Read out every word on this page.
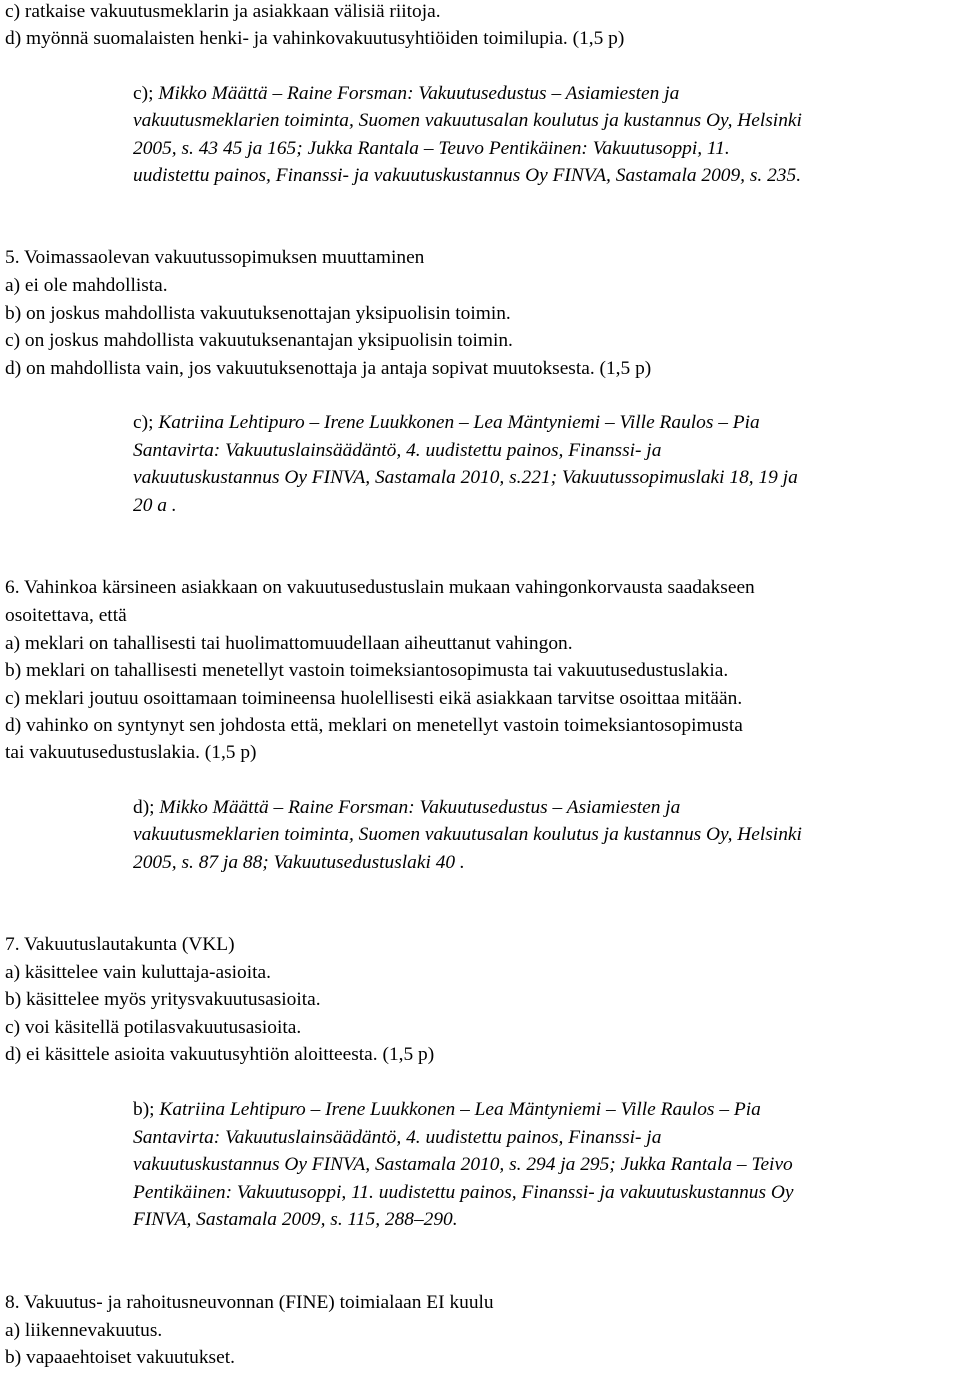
c) ratkaise vakuutusmeklarin ja asiakkaan välisiä riitoja.
d) myönnä suomalaisten henki- ja vahinkovakuutusyhtiöiden toimilupia. (1,5 p)
c); Mikko Määttä – Raine Forsman: Vakuutusedustus – Asiamiesten ja
vakuutusmeklarien toiminta, Suomen vakuutusalan koulutus ja kustannus Oy, Helsinki
2005, s. 43 45 ja 165; Jukka Rantala – Teuvo Pentikäinen: Vakuutusoppi, 11.
uudistettu painos, Finanssi- ja vakuutuskustannus Oy FINVA, Sastamala 2009, s. 235.
5. Voimassaolevan vakuutussopimuksen muuttaminen
a) ei ole mahdollista.
b) on joskus mahdollista vakuutuksenottajan yksipuolisin toimin.
c) on joskus mahdollista vakuutuksenantajan yksipuolisin toimin.
d) on mahdollista vain, jos vakuutuksenottaja ja antaja sopivat muutoksesta. (1,5 p)
c); Katriina Lehtipuro – Irene Luukkonen – Lea Mäntyniemi – Ville Raulos – Pia
Santavirta: Vakuutuslainsäädäntö, 4. uudistettu painos, Finanssi- ja
vakuutuskustannus Oy FINVA, Sastamala 2010, s.221; Vakuutussopimuslaki 18, 19 ja
20 a .
6. Vahinkoa kärsineen asiakkaan on vakuutusedustuslain mukaan vahingonkorvausta saadakseen
osoitettava, että
a) meklari on tahallisesti tai huolimattomuudellaan aiheuttanut vahingon.
b) meklari on tahallisesti menetellyt vastoin toimeksiantosopimusta tai vakuutusedustuslakia.
c) meklari joutuu osoittamaan toimineensa huolellisesti eikä asiakkaan tarvitse osoittaa mitään.
d) vahinko on syntynyt sen johdosta että, meklari on menetellyt vastoin toimeksiantosopimusta
tai vakuutusedustuslakia. (1,5 p)
d); Mikko Määttä – Raine Forsman: Vakuutusedustus – Asiamiesten ja
vakuutusmeklarien toiminta, Suomen vakuutusalan koulutus ja kustannus Oy, Helsinki
2005, s. 87 ja 88; Vakuutusedustuslaki 40 .
7. Vakuutuslautakunta (VKL)
a) käsittelee vain kuluttaja-asioita.
b) käsittelee myös yritysvakuutusasioita.
c) voi käsitellä potilasvakuutusasioita.
d) ei käsittele asioita vakuutusyhtiön aloitteesta. (1,5 p)
b); Katriina Lehtipuro – Irene Luukkonen – Lea Mäntyniemi – Ville Raulos – Pia
Santavirta: Vakuutuslainsäädäntö, 4. uudistettu painos, Finanssi- ja
vakuutuskustannus Oy FINVA, Sastamala 2010, s. 294 ja 295; Jukka Rantala – Teivo
Pentikäinen: Vakuutusoppi, 11. uudistettu painos, Finanssi- ja vakuutuskustannus Oy
FINVA, Sastamala 2009, s. 115, 288–290.
8. Vakuutus- ja rahoitusneuvonnan (FINE) toimialaan EI kuulu
a) liikennevakuutus.
b) vapaaehtoiset vakuutukset.
